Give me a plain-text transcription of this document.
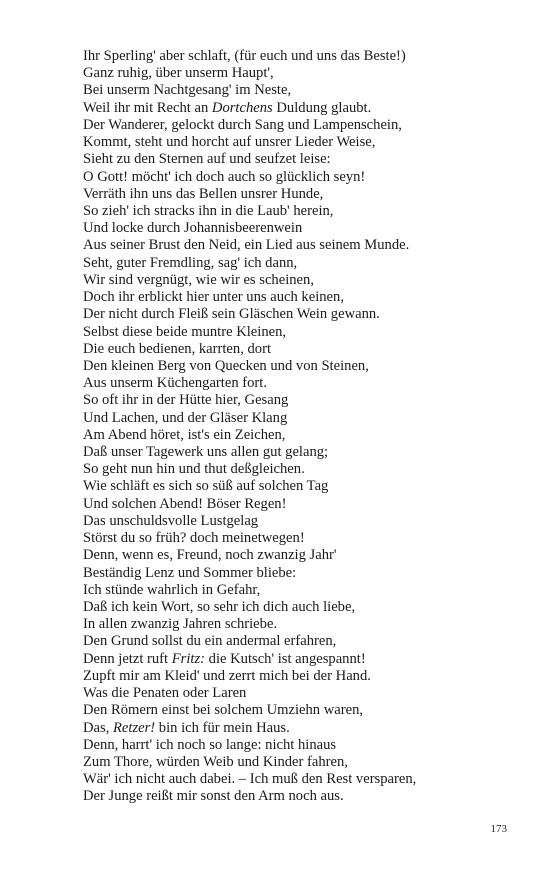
Ihr Sperling' aber schlaft, (für euch und uns das Beste!)
Ganz ruhig, über unserm Haupt',
Bei unserm Nachtgesang' im Neste,
Weil ihr mit Recht an Dortchens Duldung glaubt.
Der Wanderer, gelockt durch Sang und Lampenschein,
Kommt, steht und horcht auf unsrer Lieder Weise,
Sieht zu den Sternen auf und seufzet leise:
O Gott! möcht' ich doch auch so glücklich seyn!
Verräth ihn uns das Bellen unsrer Hunde,
So zieh' ich stracks ihn in die Laub' herein,
Und locke durch Johannisbeerenwein
Aus seiner Brust den Neid, ein Lied aus seinem Munde.
Seht, guter Fremdling, sag' ich dann,
Wir sind vergnügt, wie wir es scheinen,
Doch ihr erblickt hier unter uns auch keinen,
Der nicht durch Fleiß sein Gläschen Wein gewann.
Selbst diese beide muntre Kleinen,
Die euch bedienen, karrten, dort
Den kleinen Berg von Quecken und von Steinen,
Aus unserm Küchengarten fort.
So oft ihr in der Hütte hier, Gesang
Und Lachen, und der Gläser Klang
Am Abend höret, ist's ein Zeichen,
Daß unser Tagewerk uns allen gut gelang;
So geht nun hin und thut deßgleichen.
Wie schläft es sich so süß auf solchen Tag
Und solchen Abend! Böser Regen!
Das unschuldsvolle Lustgelag
Störst du so früh? doch meinetwegen!
Denn, wenn es, Freund, noch zwanzig Jahr'
Beständig Lenz und Sommer bliebe:
Ich stünde wahrlich in Gefahr,
Daß ich kein Wort, so sehr ich dich auch liebe,
In allen zwanzig Jahren schriebe.
Den Grund sollst du ein andermal erfahren,
Denn jetzt ruft Fritz: die Kutsch' ist angespannt!
Zupft mir am Kleid' und zerrt mich bei der Hand.
Was die Penaten oder Laren
Den Römern einst bei solchem Umziehn waren,
Das, Retzer! bin ich für mein Haus.
Denn, harrt' ich noch so lange: nicht hinaus
Zum Thore, würden Weib und Kinder fahren,
Wär' ich nicht auch dabei. – Ich muß den Rest versparen,
Der Junge reißt mir sonst den Arm noch aus.
173
